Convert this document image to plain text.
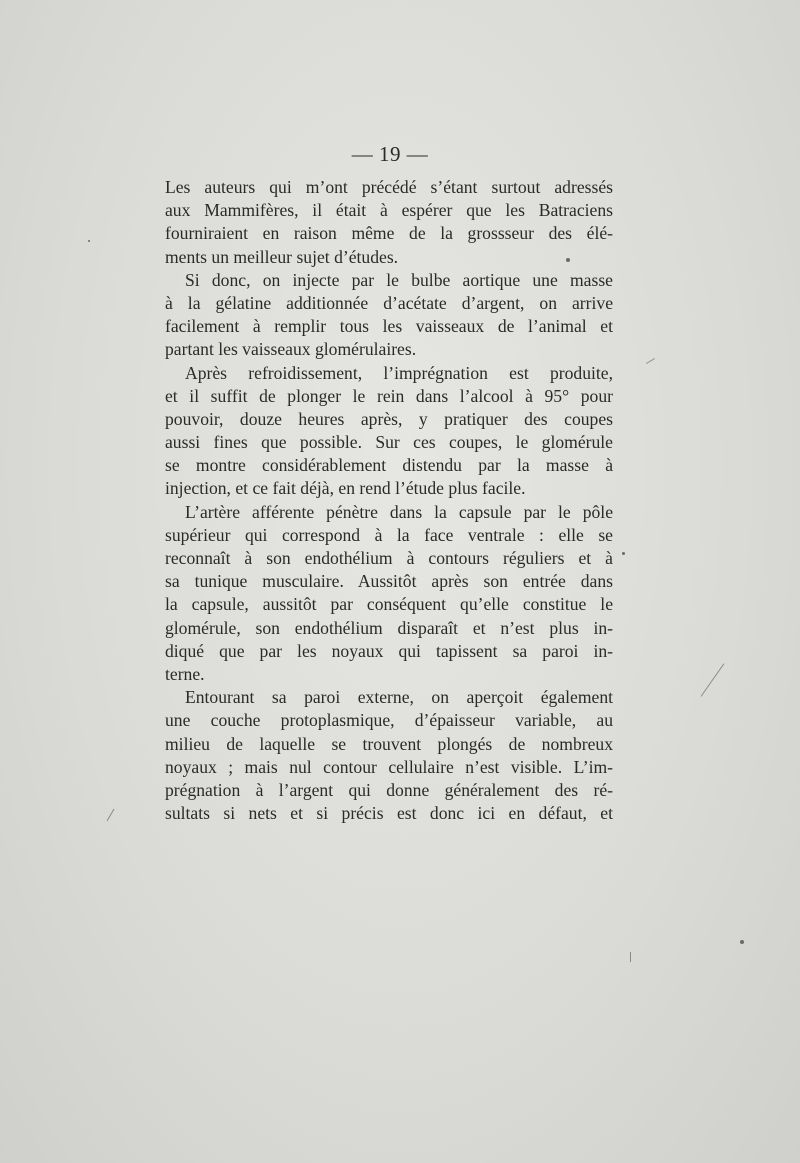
— 19 —
Les auteurs qui m’ont précédé s’étant surtout adressés
aux Mammifères, il était à espérer que les Batraciens
fourniraient en raison même de la grossseur des élé-
ments un meilleur sujet d’études.
Si donc, on injecte par le bulbe aortique une masse
à la gélatine additionnée d’acétate d’argent, on arrive
facilement à remplir tous les vaisseaux de l’animal et
partant les vaisseaux glomérulaires.
Après refroidissement, l’imprégnation est produite,
et il suffit de plonger le rein dans l’alcool à 95° pour
pouvoir, douze heures après, y pratiquer des coupes
aussi fines que possible. Sur ces coupes, le glomérule
se montre considérablement distendu par la masse à
injection, et ce fait déjà, en rend l’étude plus facile.
L’artère afférente pénètre dans la capsule par le pôle
supérieur qui correspond à la face ventrale : elle se
reconnaît à son endothélium à contours réguliers et à
sa tunique musculaire. Aussitôt après son entrée dans
la capsule, aussitôt par conséquent qu’elle constitue le
glomérule, son endothélium disparaît et n’est plus in-
diqué que par les noyaux qui tapissent sa paroi in-
terne.
Entourant sa paroi externe, on aperçoit également
une couche protoplasmique, d’épaisseur variable, au
milieu de laquelle se trouvent plongés de nombreux
noyaux ; mais nul contour cellulaire n’est visible. L’im-
prégnation à l’argent qui donne généralement des ré-
sultats si nets et si précis est donc ici en défaut, et
